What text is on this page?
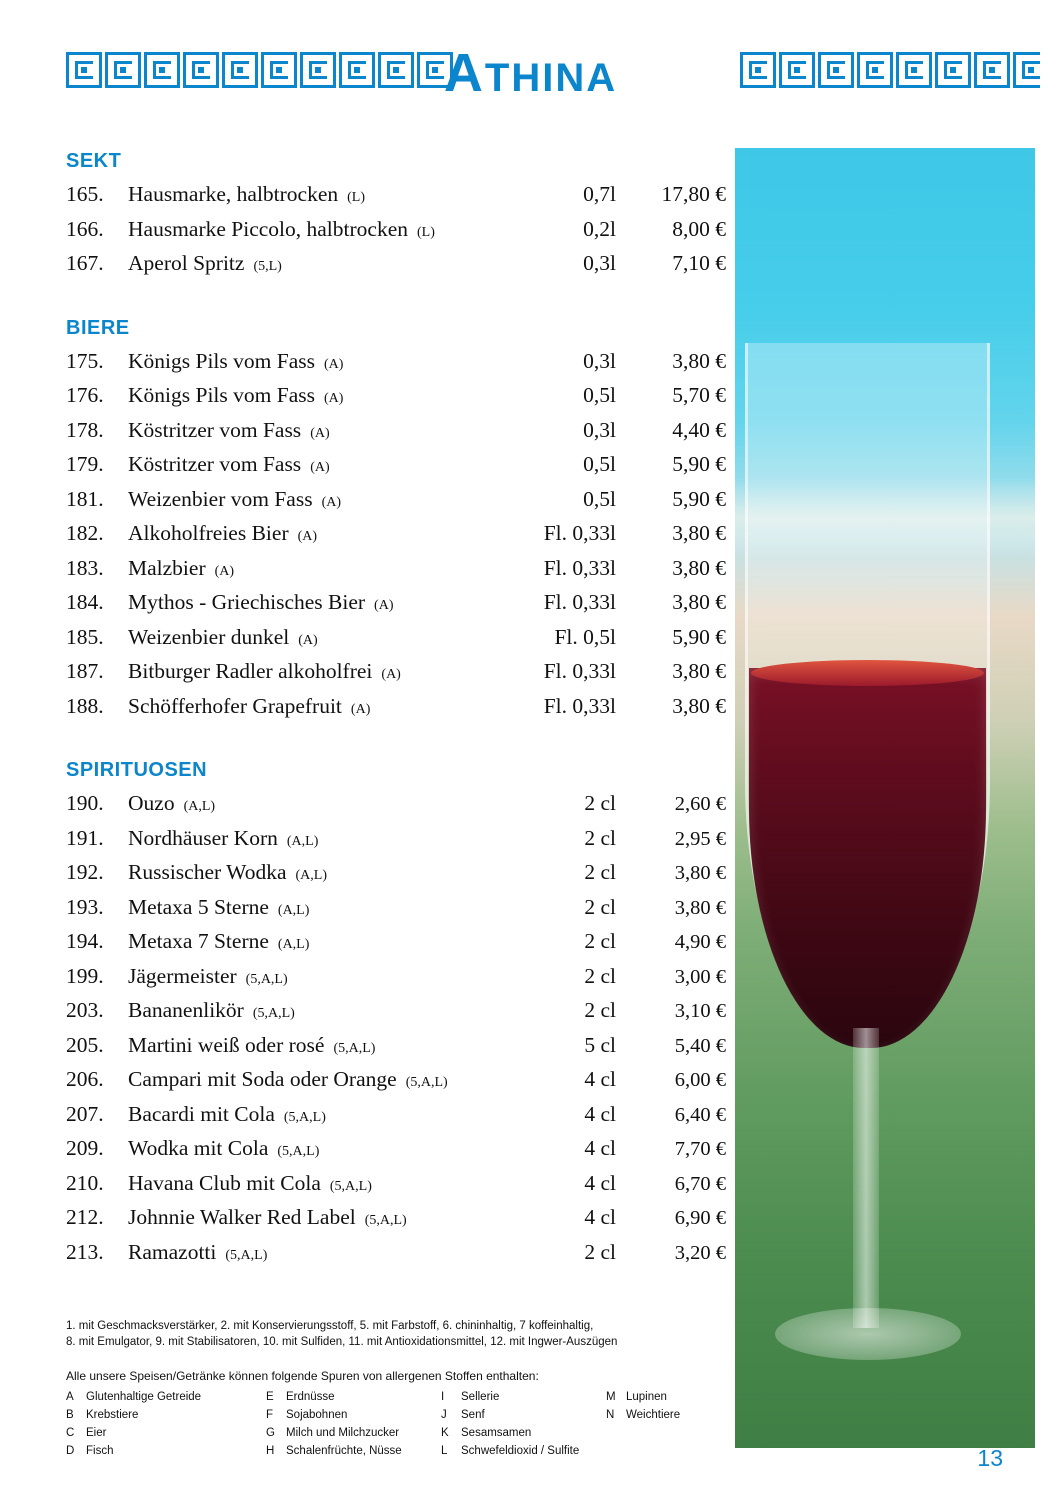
ATHINA
SEKT
165.	Hausmarke, halbtrocken (L)	0,7l	17,80 €
166.	Hausmarke Piccolo, halbtrocken (L)	0,2l	8,00 €
167.	Aperol Spritz (5,L)	0,3l	7,10 €
BIERE
175.	Königs Pils vom Fass (A)	0,3l	3,80 €
176.	Königs Pils vom Fass (A)	0,5l	5,70 €
178.	Köstritzer vom Fass (A)	0,3l	4,40 €
179.	Köstritzer vom Fass (A)	0,5l	5,90 €
181.	Weizenbier vom Fass (A)	0,5l	5,90 €
182.	Alkoholfreies Bier (A)	Fl. 0,33l	3,80 €
183.	Malzbier (A)	Fl. 0,33l	3,80 €
184.	Mythos - Griechisches Bier (A)	Fl. 0,33l	3,80 €
185.	Weizenbier dunkel (A)	Fl. 0,5l	5,90 €
187.	Bitburger Radler alkoholfrei (A)	Fl. 0,33l	3,80 €
188.	Schöfferhofer Grapefruit (A)	Fl. 0,33l	3,80 €
SPIRITUOSEN
190.	Ouzo (A,L)	2 cl	2,60 €
191.	Nordhäuser Korn (A,L)	2 cl	2,95 €
192.	Russischer Wodka (A,L)	2 cl	3,80 €
193.	Metaxa 5 Sterne (A,L)	2 cl	3,80 €
194.	Metaxa 7 Sterne (A,L)	2 cl	4,90 €
199.	Jägermeister (5,A,L)	2 cl	3,00 €
203.	Bananenlikör (5,A,L)	2 cl	3,10 €
205.	Martini weiß oder rosé (5,A,L)	5 cl	5,40 €
206.	Campari mit Soda oder Orange (5,A,L)	4 cl	6,00 €
207.	Bacardi mit Cola (5,A,L)	4 cl	6,40 €
209.	Wodka mit Cola (5,A,L)	4 cl	7,70 €
210.	Havana Club mit Cola (5,A,L)	4 cl	6,70 €
212.	Johnnie Walker Red Label (5,A,L)	4 cl	6,90 €
213.	Ramazotti (5,A,L)	2 cl	3,20 €
1. mit Geschmacksverstärker, 2. mit Konservierungsstoff, 5. mit Farbstoff, 6. chininhaltig, 7 koffeinhaltig,
8. mit Emulgator, 9. mit Stabilisatoren, 10. mit Sulfiden, 11. mit Antioxidationsmittel, 12. mit Ingwer-Auszügen
Alle unsere Speisen/Getränke können folgende Spuren von allergenen Stoffen enthalten:
A Glutenhaltige Getreide	E Erdnüsse	I	Sellerie	M Lupinen
B Krebstiere	F Sojabohnen	J	Senf	N Weichtiere
C Eier	G Milch und Milchzucker	K Sesamsamen
D Fisch	H Schalenfrüchte, Nüsse	L	Schwefeldioxid / Sulfite	13
